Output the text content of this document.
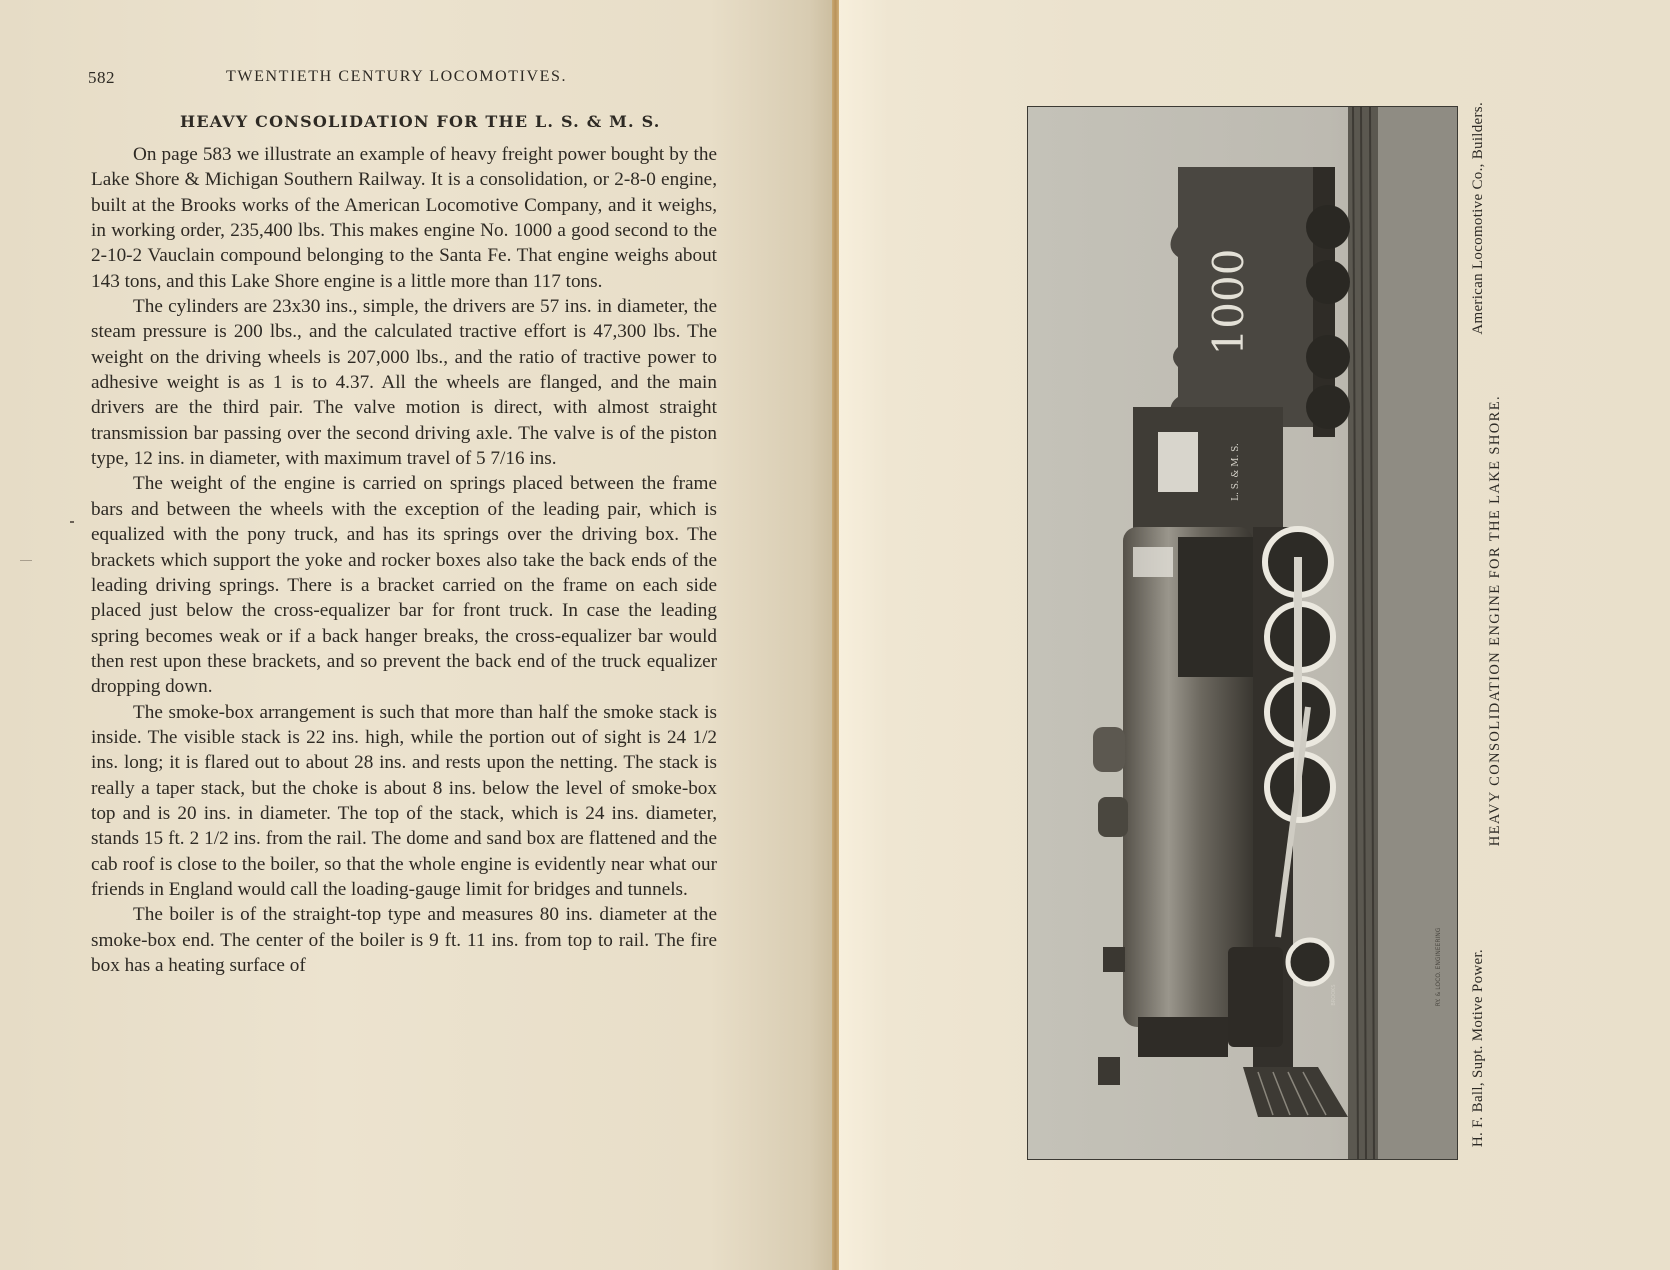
582	TWENTIETH CENTURY LOCOMOTIVES.
HEAVY CONSOLIDATION FOR THE L. S. & M. S.

On page 583 we illustrate an example of heavy freight power bought by the Lake Shore & Michigan Southern Railway. It is a consolidation, or 2-8-0 engine, built at the Brooks works of the American Locomotive Company, and it weighs, in working order, 235,400 lbs. This makes engine No. 1000 a good second to the 2-10-2 Vauclain compound belonging to the Santa Fe. That engine weighs about 143 tons, and this Lake Shore engine is a little more than 117 tons.

The cylinders are 23x30 ins., simple, the drivers are 57 ins. in diameter, the steam pressure is 200 lbs., and the calculated tractive effort is 47,300 lbs. The weight on the driving wheels is 207,000 lbs., and the ratio of tractive power to adhesive weight is as 1 is to 4.37. All the wheels are flanged, and the main drivers are the third pair. The valve motion is direct, with almost straight transmission bar passing over the second driving axle. The valve is of the piston type, 12 ins. in diameter, with maximum travel of 5 7/16 ins.

The weight of the engine is carried on springs placed between the frame bars and between the wheels with the exception of the leading pair, which is equalized with the pony truck, and has its springs over the driving box. The brackets which support the yoke and rocker boxes also take the back ends of the leading driving springs. There is a bracket carried on the frame on each side placed just below the cross-equalizer bar for front truck. In case the leading spring becomes weak or if a back hanger breaks, the cross-equalizer bar would then rest upon these brackets, and so prevent the back end of the truck equalizer dropping down.

The smoke-box arrangement is such that more than half the smoke stack is inside. The visible stack is 22 ins. high, while the portion out of sight is 24 1/2 ins. long; it is flared out to about 28 ins. and rests upon the netting. The stack is really a taper stack, but the choke is about 8 ins. below the level of smoke-box top and is 20 ins. in diameter. The top of the stack, which is 24 ins. diameter, stands 15 ft. 2 1/2 ins. from the rail. The dome and sand box are flattened and the cab roof is close to the boiler, so that the whole engine is evidently near what our friends in England would call the loading-gauge limit for bridges and tunnels.

The boiler is of the straight-top type and measures 80 ins. diameter at the smoke-box end. The center of the boiler is 9 ft. 11 ins. from top to rail. The fire box has a heating surface of

1000
L. S. & M. S.
BROOKS	RY. & LOCO. ENGINEERING H. F. Ball, Supt. Motive Power.
HEAVY CONSOLIDATION ENGINE FOR THE LAKE SHORE.
American Locomotive Co., Builders.
